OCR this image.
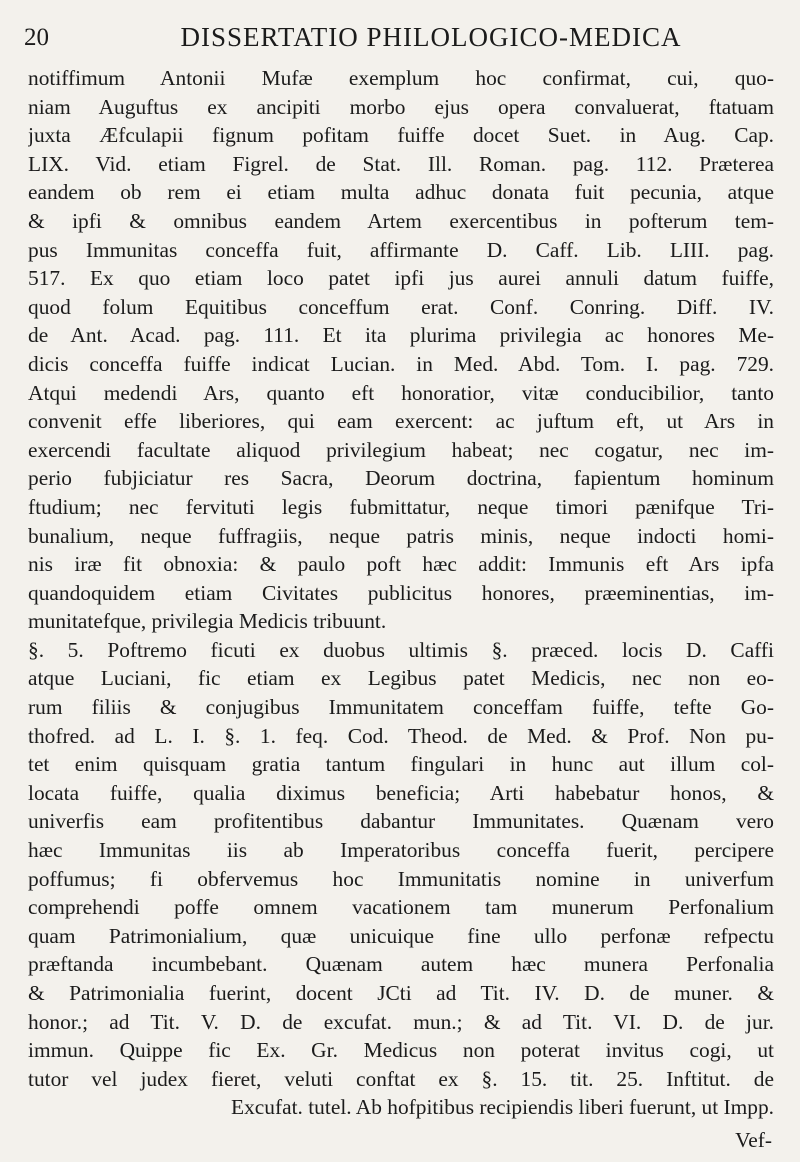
20	DISSERTATIO PHILOLOGICO-MEDICA
notiffimum Antonii Mufæ exemplum hoc confirmat, cui, quo-
niam Auguftus ex ancipiti morbo ejus opera convaluerat, ftatuam
juxta Æfculapii fignum pofitam fuiffe docet Suet. in Aug. Cap.
LIX. Vid. etiam Figrel. de Stat. Ill. Roman. pag. 112. Præterea
eandem ob rem ei etiam multa adhuc donata fuit pecunia, atque
& ipfi & omnibus eandem Artem exercentibus in pofterum tem-
pus Immunitas conceffa fuit, affirmante D. Caff. Lib. LIII. pag.
517. Ex quo etiam loco patet ipfi jus aurei annuli datum fuiffe,
quod folum Equitibus conceffum erat. Conf. Conring. Diff. IV.
de Ant. Acad. pag. 111. Et ita plurima privilegia ac honores Me-
dicis conceffa fuiffe indicat Lucian. in Med. Abd. Tom. I. pag. 729.
Atqui medendi Ars, quanto eft honoratior, vitæ conducibilior, tanto
convenit effe liberiores, qui eam exercent: ac juftum eft, ut Ars in
exercendi facultate aliquod privilegium habeat; nec cogatur, nec im-
perio fubjiciatur res Sacra, Deorum doctrina, fapientum hominum
ftudium; nec fervituti legis fubmittatur, neque timori pænifque Tri-
bunalium, neque fuffragiis, neque patris minis, neque indocti homi-
nis iræ fit obnoxia: & paulo poft hæc addit: Immunis eft Ars ipfa
quandoquidem etiam Civitates publicitus honores, præeminentias, im-
munitatefque, privilegia Medicis tribuunt.
§. 5. Poftremo ficuti ex duobus ultimis §. præced. locis D. Caffi
atque Luciani, fic etiam ex Legibus patet Medicis, nec non eo-
rum filiis & conjugibus Immunitatem conceffam fuiffe, tefte Go-
thofred. ad L. I. §. 1. feq. Cod. Theod. de Med. & Prof. Non pu-
tet enim quisquam gratia tantum fingulari in hunc aut illum col-
locata fuiffe, qualia diximus beneficia; Arti habebatur honos, &
univerfis eam profitentibus dabantur Immunitates. Quænam vero
hæc Immunitas iis ab Imperatoribus conceffa fuerit, percipere
poffumus; fi obfervemus hoc Immunitatis nomine in univerfum
comprehendi poffe omnem vacationem tam munerum Perfonalium
quam Patrimonialium, quæ unicuique fine ullo perfonæ refpectu
præftanda incumbebant. Quænam autem hæc munera Perfonalia
& Patrimonialia fuerint, docent JCti ad Tit. IV. D. de muner. &
honor.; ad Tit. V. D. de excufat. mun.; & ad Tit. VI. D. de jur.
immun. Quippe fic Ex. Gr. Medicus non poterat invitus cogi, ut
tutor vel judex fieret, veluti conftat ex §. 15. tit. 25. Inftitut. de
Excufat. tutel. Ab hofpitibus recipiendis liberi fuerunt, ut Impp.
Vef-
